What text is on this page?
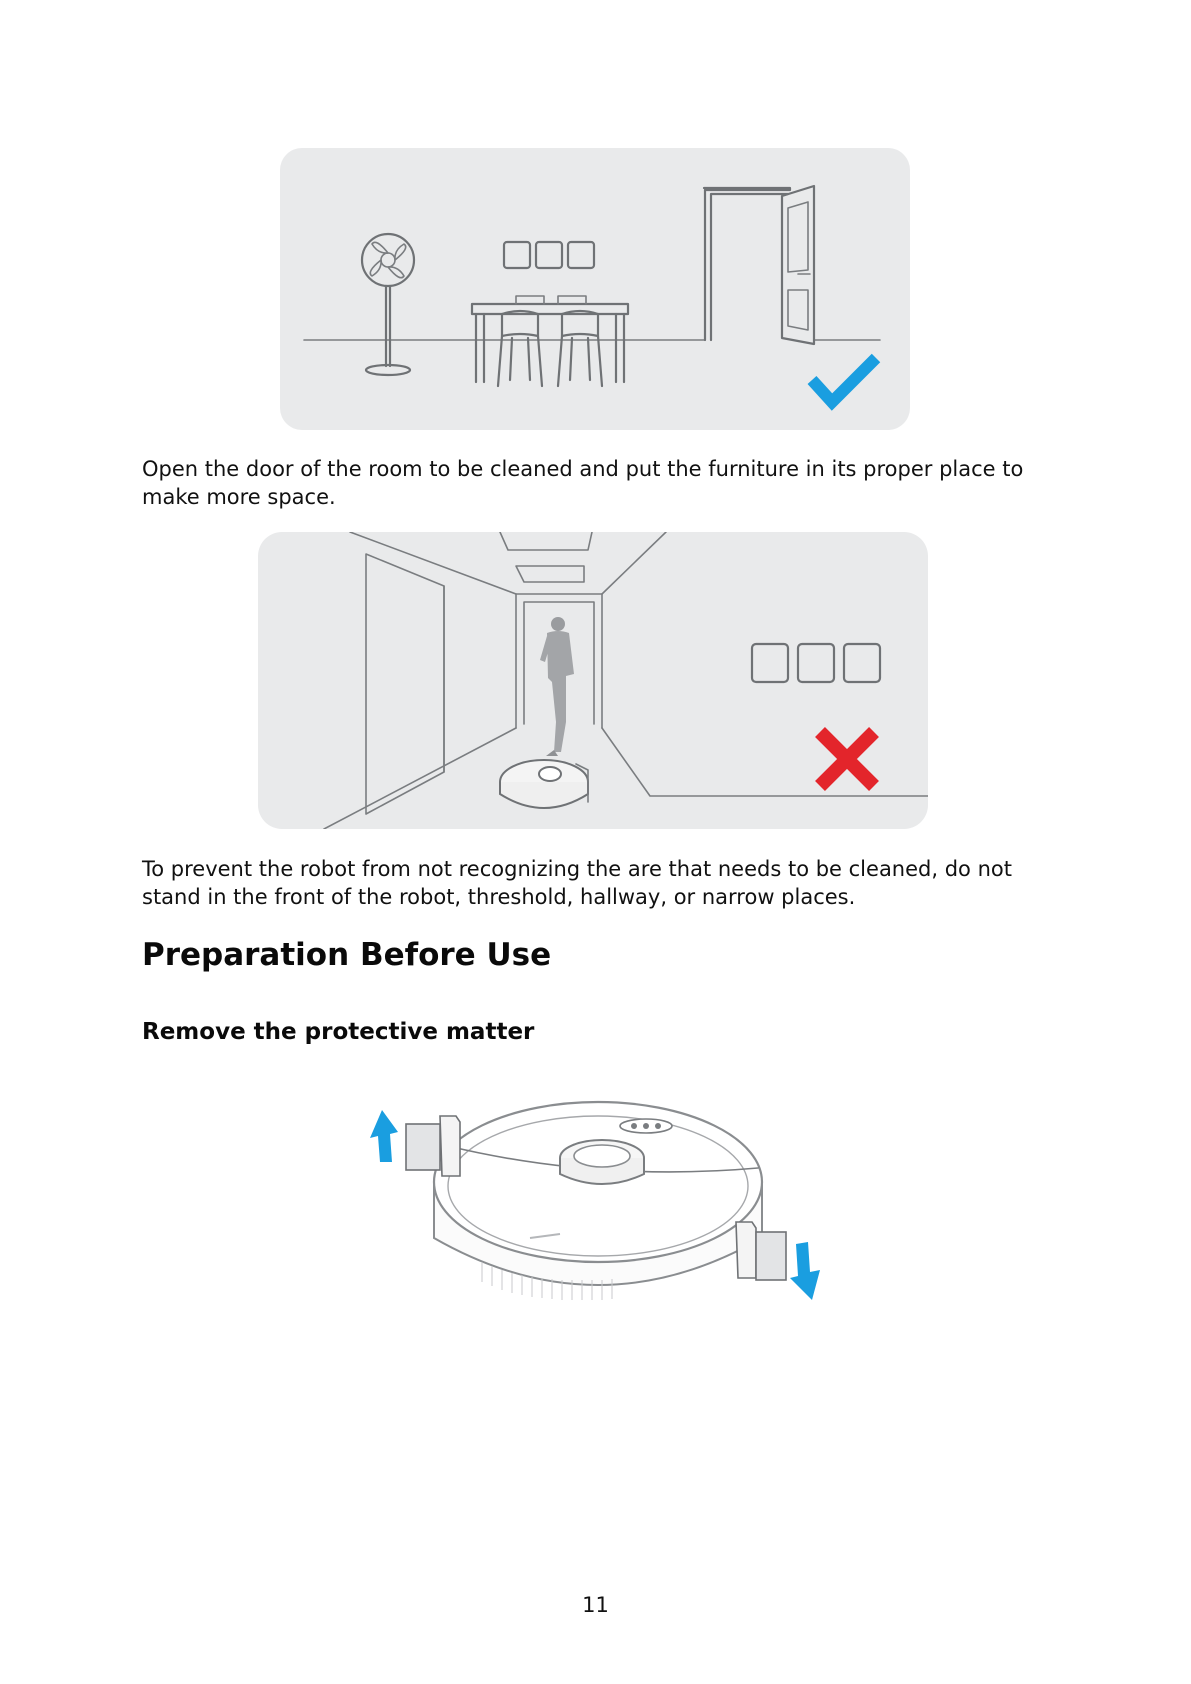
Open the door of the room to be cleaned and put the furniture in its proper place to make more space.

To prevent the robot from not recognizing the are that needs to be cleaned, do not stand in the front of the robot, threshold, hallway, or narrow places.

Preparation Before Use
Remove the protective matter

11
